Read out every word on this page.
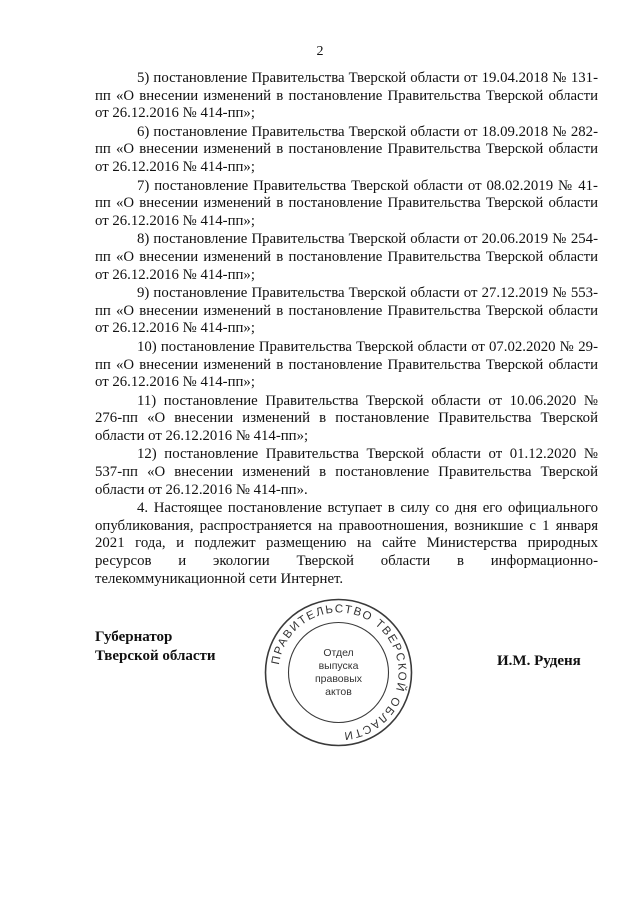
2

5) постановление Правительства Тверской области от 19.04.2018 № 131-пп «О внесении изменений в постановление Правительства Тверской области от 26.12.2016 № 414-пп»;

6) постановление Правительства Тверской области от 18.09.2018 № 282-пп «О внесении изменений в постановление Правительства Тверской области от 26.12.2016 № 414-пп»;

7) постановление Правительства Тверской области от 08.02.2019 № 41-пп «О внесении изменений в постановление Правительства Тверской области от 26.12.2016 № 414-пп»;

8) постановление Правительства Тверской области от 20.06.2019 № 254-пп «О внесении изменений в постановление Правительства Тверской области от 26.12.2016 № 414-пп»;

9) постановление Правительства Тверской области от 27.12.2019 № 553-пп «О внесении изменений в постановление Правительства Тверской области от 26.12.2016 № 414-пп»;

10) постановление Правительства Тверской области от 07.02.2020 № 29-пп «О внесении изменений в постановление Правительства Тверской области от 26.12.2016 № 414-пп»;

11) постановление Правительства Тверской области от 10.06.2020 № 276-пп «О внесении изменений в постановление Правительства Тверской области от 26.12.2016 № 414-пп»;

12) постановление Правительства Тверской области от 01.12.2020 № 537-пп «О внесении изменений в постановление Правительства Тверской области от 26.12.2016 № 414-пп».

4. Настоящее постановление вступает в силу со дня его официального опубликования, распространяется на правоотношения, возникшие с 1 января 2021 года, и подлежит размещению на сайте Министерства природных ресурсов и экологии Тверской области в информационно-телекоммуникационной сети Интернет.

Губернатор
Тверской области	ПРАВИТЕЛЬСТВО ТВЕРСКОЙ ОБЛАСТИ
Отдел
выпуска
правовых
актов
И.М. Руденя
